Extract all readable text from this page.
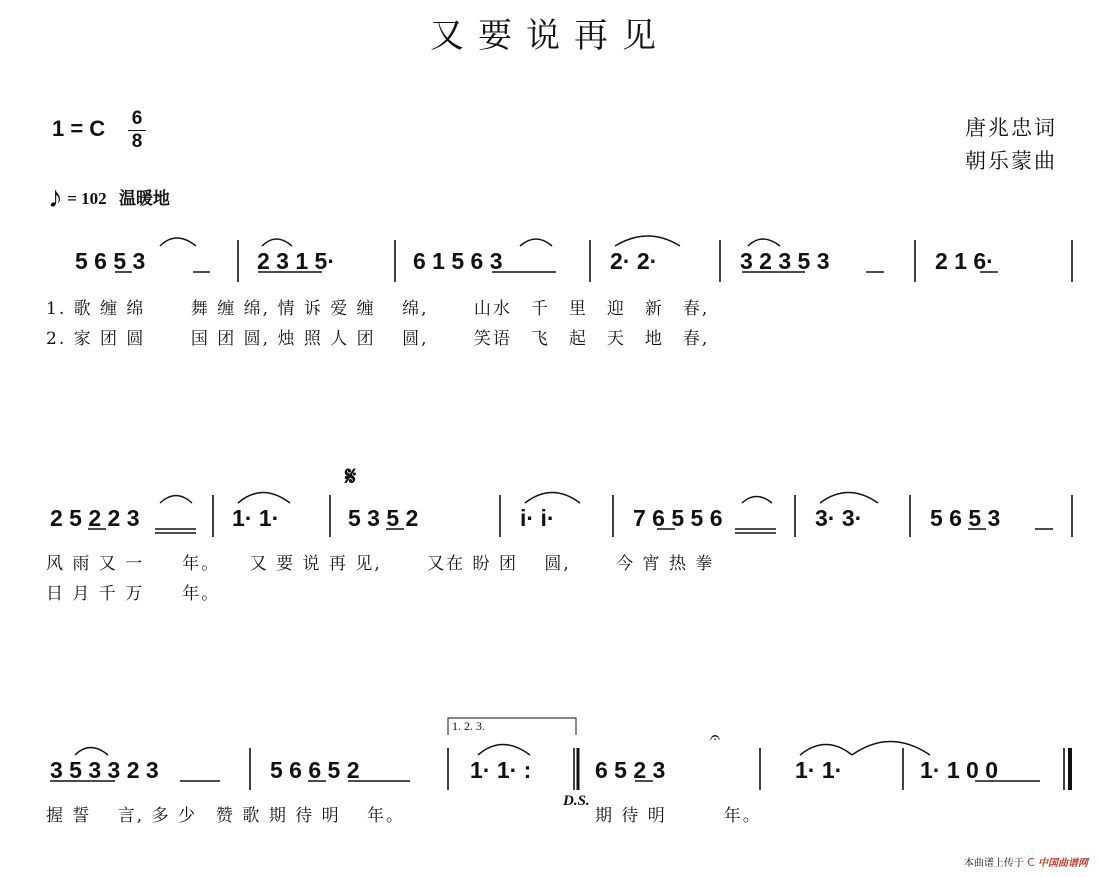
又要说再见
1 = C 6
8
唐兆忠词
朝乐蒙曲
♪ = 102 温暖地
5 6 5 3	2 3 1 5·	6 1 5 6 3	2· 2·	3 2 3 5 3	2 1 6·
1. 歌 缠 绵　　 舞 缠 绵, 情 诉 爱 缠　 绵,　　 山水　千　里　迎　新　春,
2. 家 团 圆　　 国 团 圆, 烛 照 人 团　 圆,　　 笑语　飞　起　天　地　春,
𝄋
2 5 2 2 3	1· 1·	5 3 5 2	i· i·	7 6 5 5 6	3· 3·	5 6 5 3
风 雨 又 一　　年。　　又 要 说 再 见,　　 又在 盼 团　 圆,　　 今 宵 热 拳
日 月 千 万　　年。
1. 2. 3.
𝄐
3 5 3 3 2 3	5 6 6 5 2	1· 1· :	6 5 2 3	1· 1·	1· 1 0 0
握 誓　 言, 多 少　赞 歌 期 待 明　 年。
D.S.
期 待 明　　　年。
本曲谱上传于 C 中国曲谱网
